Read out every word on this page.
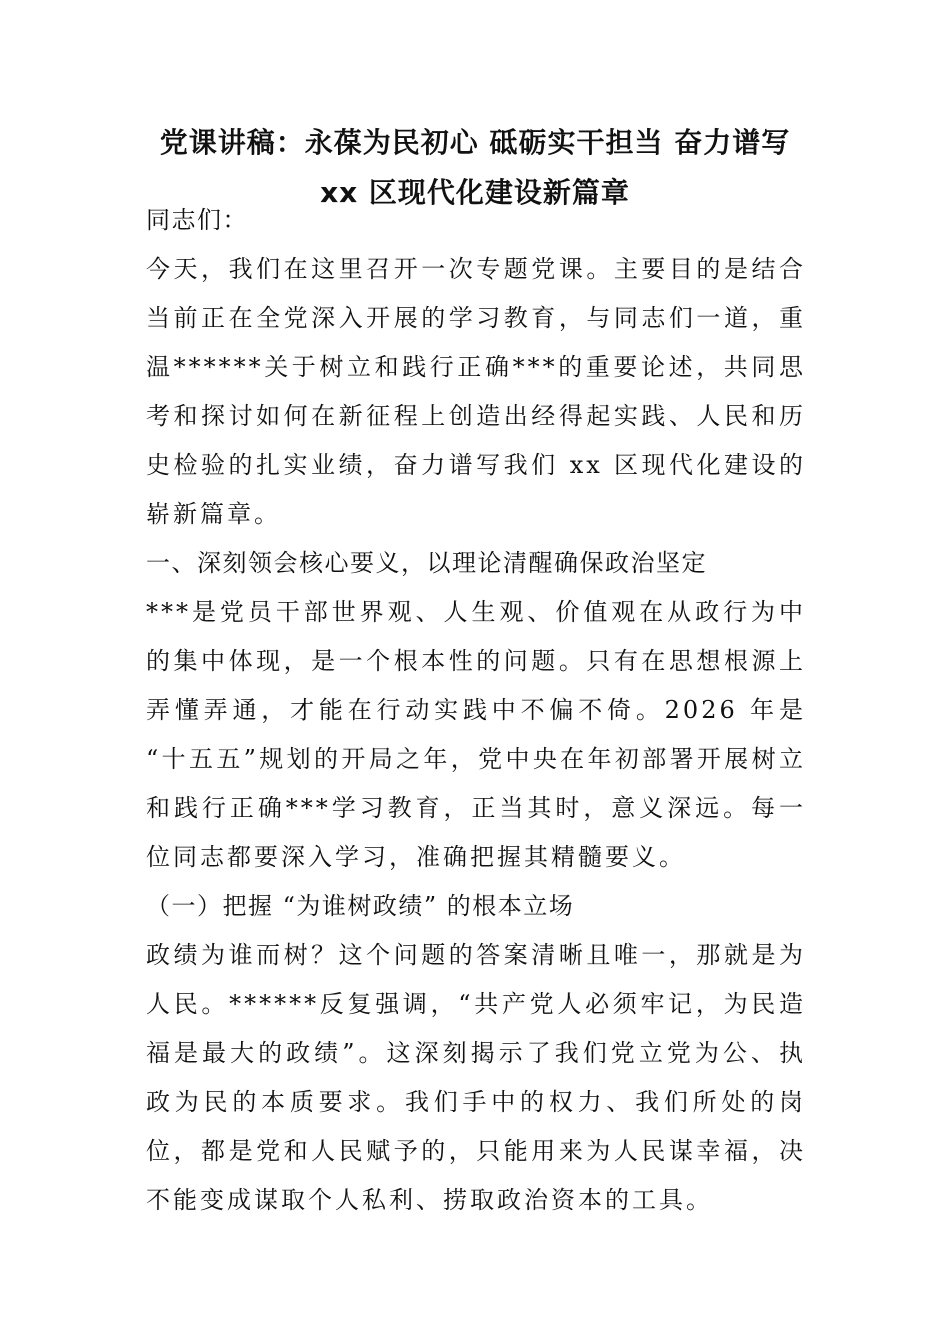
党课讲稿：永葆为民初心 砥砺实干担当 奋力谱写
xx 区现代化建设新篇章

同志们：

今天，我们在这里召开一次专题党课。主要目的是结合当前正在全党深入开展的学习教育，与同志们一道，重温******关于树立和践行正确***的重要论述，共同思考和探讨如何在新征程上创造出经得起实践、人民和历史检验的扎实业绩，奋力谱写我们 xx 区现代化建设的崭新篇章。

一、深刻领会核心要义，以理论清醒确保政治坚定

***是党员干部世界观、人生观、价值观在从政行为中的集中体现，是一个根本性的问题。只有在思想根源上弄懂弄通，才能在行动实践中不偏不倚。2026 年是 “十五五”规划的开局之年，党中央在年初部署开展树立和践行正确***学习教育，正当其时，意义深远。每一位同志都要深入学习，准确把握其精髓要义。

（一）把握 “为谁树政绩” 的根本立场

政绩为谁而树？这个问题的答案清晰且唯一，那就是为人民。******反复强调，“共产党人必须牢记，为民造福是最大的政绩”。这深刻揭示了我们党立党为公、执政为民的本质要求。我们手中的权力、我们所处的岗位，都是党和人民赋予的，只能用来为人民谋幸福，决不能变成谋取个人私利、捞取政治资本的工具。
